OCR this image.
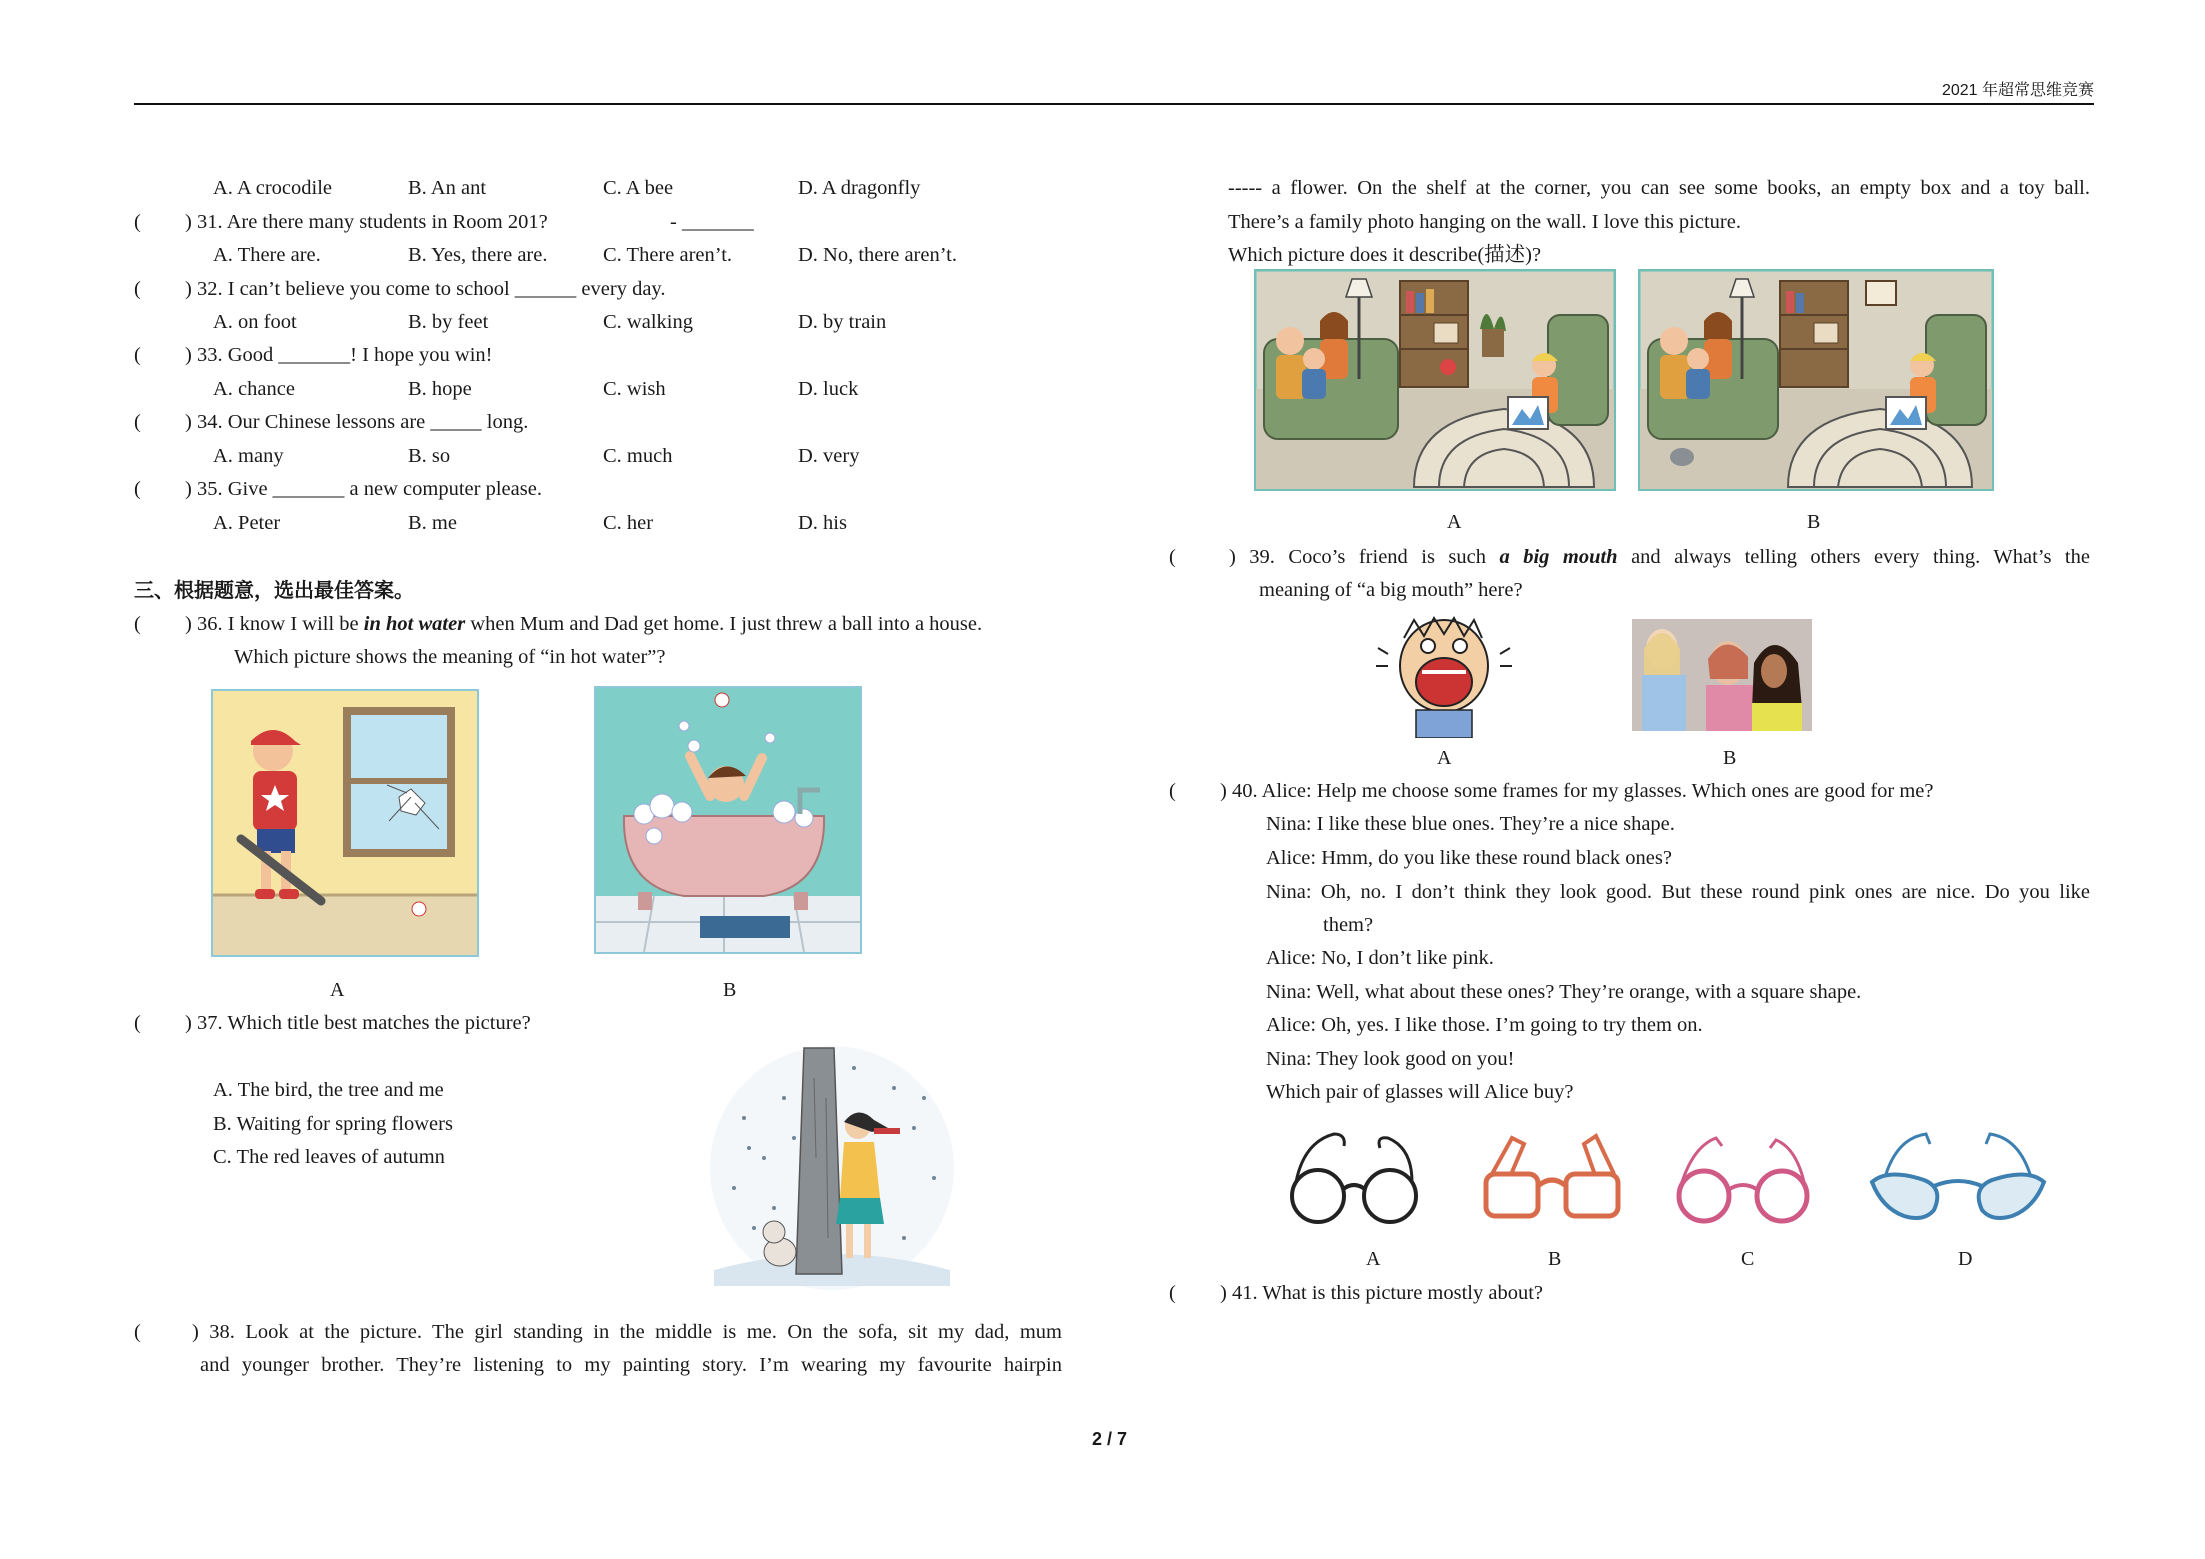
2021 年超常思维竞赛
A. A crocodile	B. An ant	C. A bee	D. A dragonfly
( ) 31. Are there many students in Room 201?	- _______
A. There are.	B. Yes, there are.	C. There aren’t.	D. No, there aren’t.
( ) 32. I can’t believe you come to school ______ every day.
A. on foot	B. by feet	C. walking	D. by train
( ) 33. Good _______! I hope you win!
A. chance	B. hope	C. wish	D. luck
( ) 34. Our Chinese lessons are _____ long.
A. many	B. so	C. much	D. very
( ) 35. Give _______ a new computer please.
A. Peter	B. me	C. her	D. his
三、根据题意，选出最佳答案。
( ) 36. I know I will be in hot water when Mum and Dad get home. I just threw a ball into a house.
Which picture shows the meaning of “in hot water”?
A	B
( ) 37. Which title best matches the picture?
A. The bird, the tree and me
B. Waiting for spring flowers
C. The red leaves of autumn
( ) 38. Look at the picture. The girl standing in the middle is me. On the sofa, sit my dad, mum
and younger brother. They’re listening to my painting story. I’m wearing my favourite hairpin
----- a flower. On the shelf at the corner, you can see some books, an empty box and a toy ball.
There’s a family photo hanging on the wall. I love this picture.
Which picture does it describe(描述)?
A	B
(	) 39. Coco’s friend is such a big mouth and always telling others every thing. What’s the
meaning of “a big mouth” here?
A	B
( ) 40. Alice: Help me choose some frames for my glasses. Which ones are good for me?
Nina: I like these blue ones. They’re a nice shape.
Alice: Hmm, do you like these round black ones?
Nina: Oh, no. I don’t think they look good. But these round pink ones are nice. Do you like
them?
Alice: No, I don’t like pink.
Nina: Well, what about these ones? They’re orange, with a square shape.
Alice: Oh, yes. I like those. I’m going to try them on.
Nina: They look good on you!
Which pair of glasses will Alice buy?
A	B	C	D
( ) 41. What is this picture mostly about?
2 / 7
